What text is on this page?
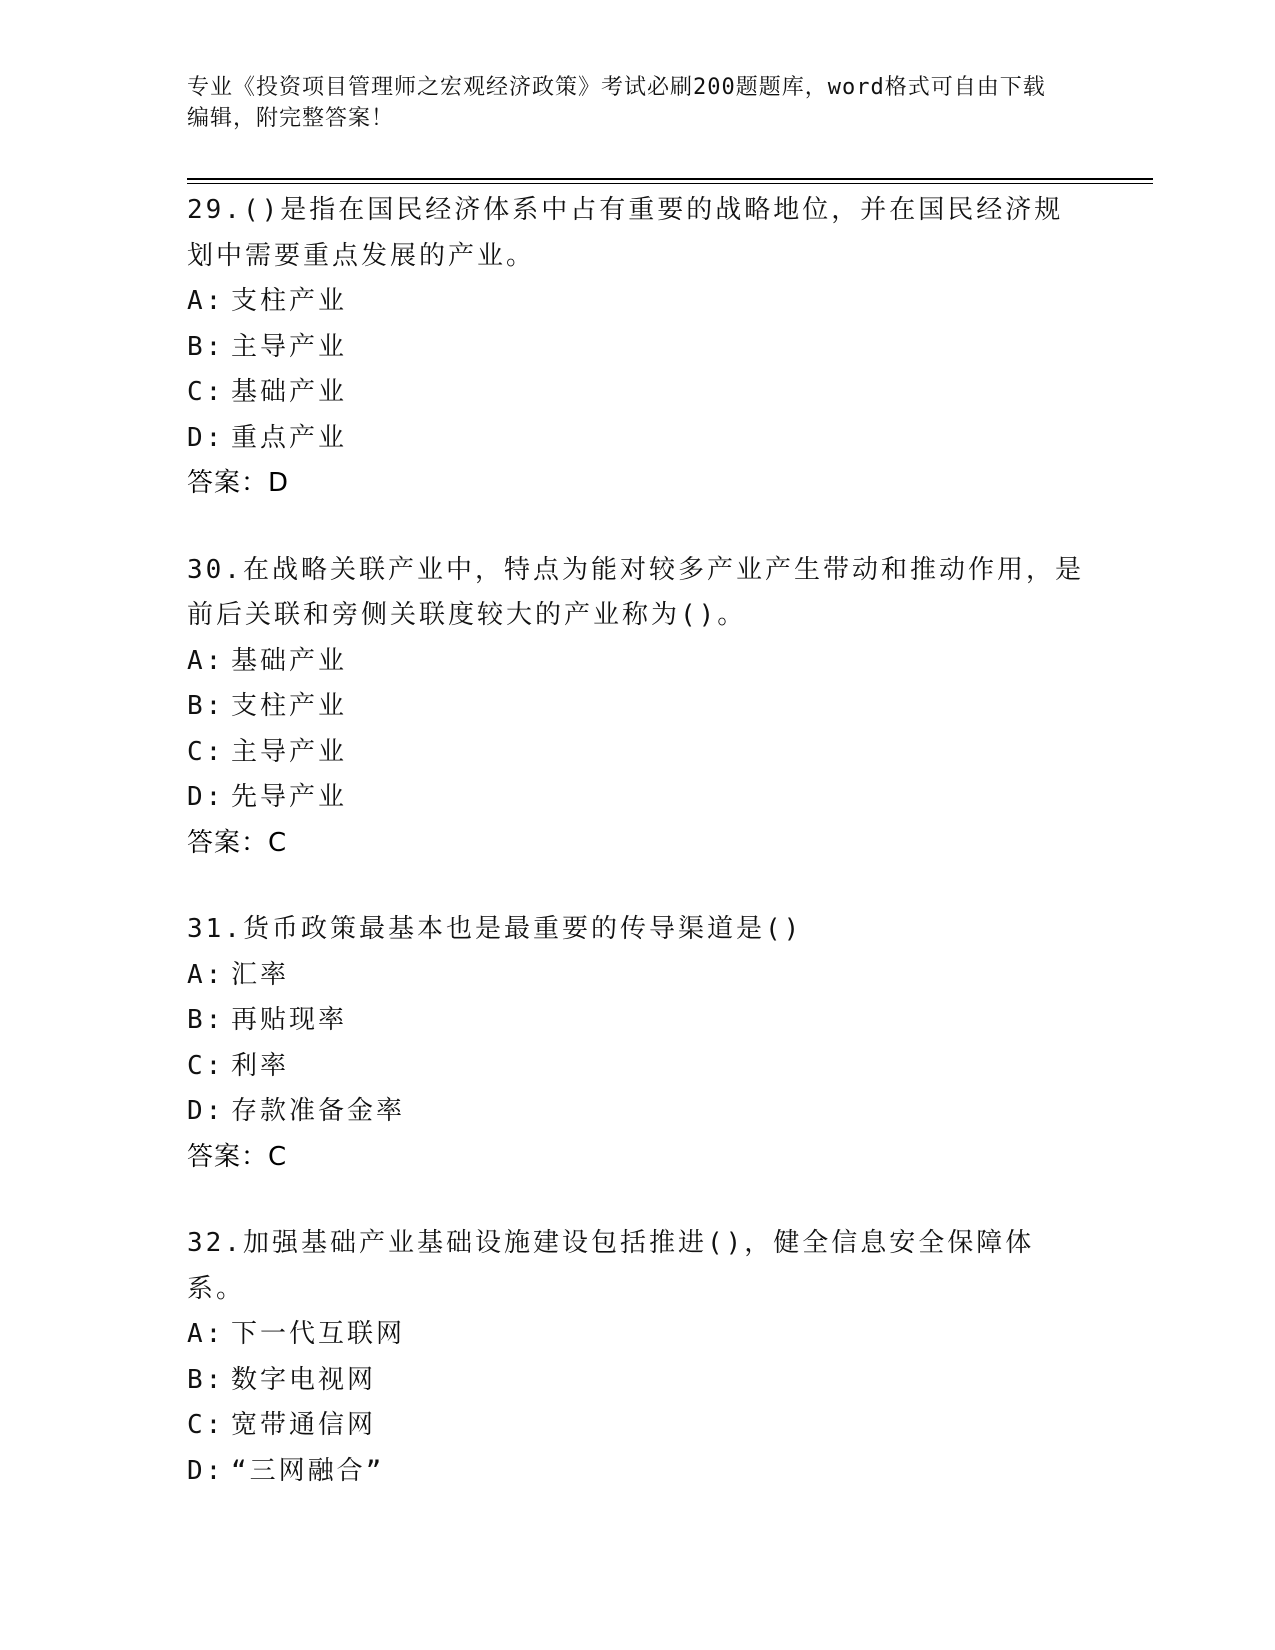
专业《投资项目管理师之宏观经济政策》考试必刷200题题库，word格式可自由下载编辑，附完整答案！
29.()是指在国民经济体系中占有重要的战略地位，并在国民经济规划中需要重点发展的产业。
A: 支柱产业
B: 主导产业
C: 基础产业
D: 重点产业
答案：D
30.在战略关联产业中，特点为能对较多产业产生带动和推动作用，是前后关联和旁侧关联度较大的产业称为()。
A: 基础产业
B: 支柱产业
C: 主导产业
D: 先导产业
答案：C
31.货币政策最基本也是最重要的传导渠道是()
A: 汇率
B: 再贴现率
C: 利率
D: 存款准备金率
答案：C
32.加强基础产业基础设施建设包括推进()，健全信息安全保障体系。
A: 下一代互联网
B: 数字电视网
C: 宽带通信网
D: “三网融合”
